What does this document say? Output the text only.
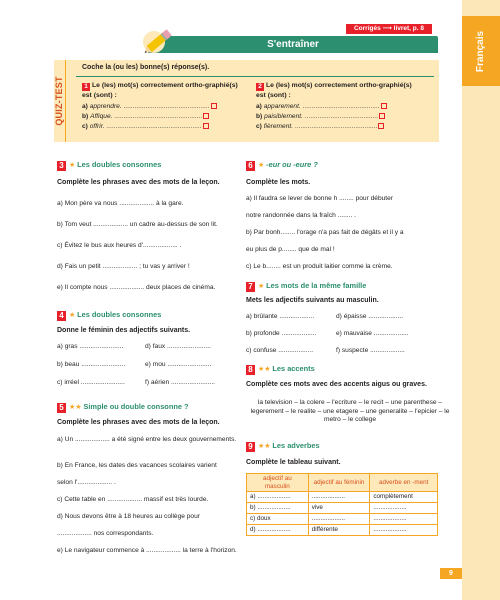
Français
Corrigés ⟶ livret, p. 8
S'entraîner
QUIZ-TEST
Coche la (ou les) bonne(s) réponse(s).
1 Le (les) mot(s) correctement ortho-graphié(s) est (sont) :
a) apprendre. ...............................................
b) Affique. ................................................
c) offrir. ....................................................
2 Le (les) mot(s) correctement ortho-graphié(s) est (sont) :
a) apparement. ..........................................
b) paisiblement. ........................................
c) fièrement. .............................................
3 ★ Les doubles consonnes
Complète les phrases avec des mots de la leçon.
a) Mon père va nous ................... à la gare.
b) Tom veut ................... un cadre au-dessus de son lit.
c) Évitez le bus aux heures d'................... .
d) Fais un petit ................... ; tu vas y arriver !
e) Il compte nous ................... deux places de cinéma.
4 ★ Les doubles consonnes
Donne le féminin des adjectifs suivants.
a) gras ........................	d) faux ........................
b) beau ........................	e) mou ........................
c) irréel ........................	f) aérien ........................
5 ★★ Simple ou double consonne ?
Complète les phrases avec des mots de la leçon.
a) Un ................... a été signé entre les deux gouvernements.
b) En France, les dates des vacances scolaires varient
selon l'................... .
c) Cette table en ................... massif est très lourde.
d) Nous devons être à 18 heures au collège pour
................... nos correspondants.
e) Le navigateur commence à ................... la terre à l'horizon.
6 ★ -eur ou -eure ?
Complète les mots.
a) Il faudra se lever de bonne h ........ pour débuter
notre randonnée dans la fraîch ........ .
b) Par bonh........ l'orage n'a pas fait de dégâts et il y a
eu plus de p........ que de mal !
c) Le b........ est un produit laitier comme la crème.
7 ★ Les mots de la même famille
Mets les adjectifs suivants au masculin.
a) brûlante ...................	d) épaisse ...................
b) profonde ...................	e) mauvaise ...................
c) confuse ...................	f) suspecte ...................
8 ★★ Les accents
Complète ces mots avec des accents aigus ou graves.
la television – la colere – l'ecriture – le recit – une parenthese – legerement – le realite – une etagere – une generalite – l'epicier – le metro – le college
9 ★★ Les adverbes
Complète le tableau suivant.
adjectif au masculin	adjectif au féminin	adverbe en -ment
a) ...................	...................	complètement
b) ...................	vive	...................
c) doux	...................	...................
d) ...................	différente	...................
9
